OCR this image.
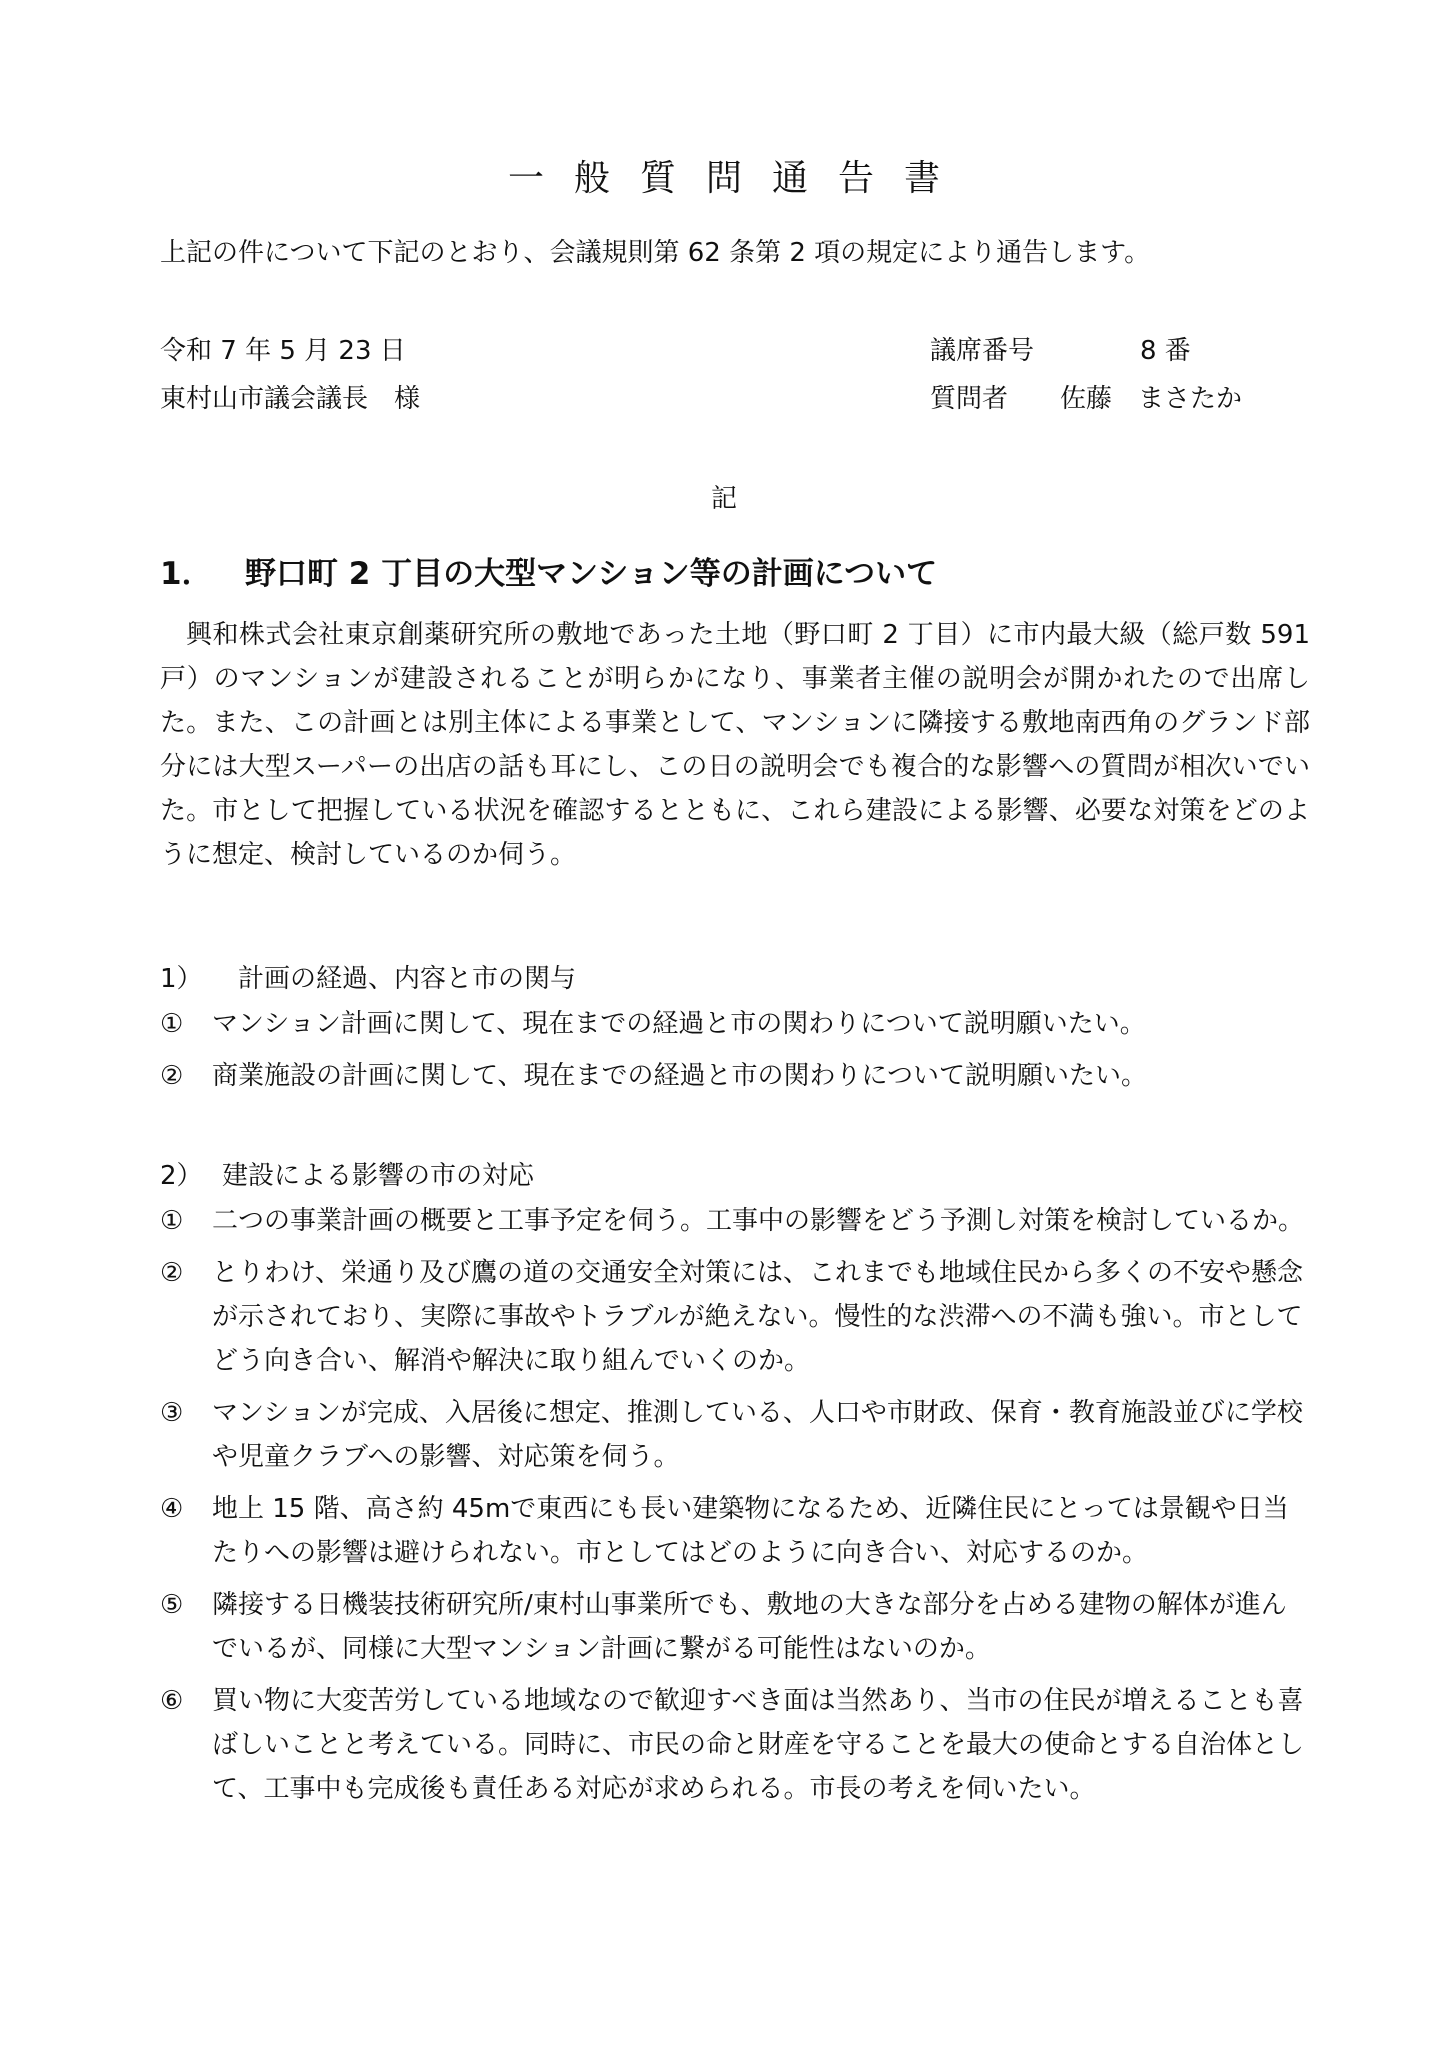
一般質問通告書
上記の件について下記のとおり、会議規則第 62 条第 2 項の規定により通告します。
令和 7 年 5 月 23 日
東村山市議会議長　様
議席番号	8 番
質問者 佐藤　まさたか
記
1． 野口町 2 丁目の大型マンション等の計画について

興和株式会社東京創薬研究所の敷地であった土地（野口町 2 丁目）に市内最大級（総戸数 591 戸）のマンションが建設されることが明らかになり、事業者主催の説明会が開かれたので出席した。また、この計画とは別主体による事業として、マンションに隣接する敷地南西角のグランド部分には大型スーパーの出店の話も耳にし、この日の説明会でも複合的な影響への質問が相次いでいた。市として把握している状況を確認するとともに、これら建設による影響、必要な対策をどのように想定、検討しているのか伺う。

1） 計画の経過、内容と市の関与
①	マンション計画に関して、現在までの経過と市の関わりについて説明願いたい。
②	商業施設の計画に関して、現在までの経過と市の関わりについて説明願いたい。
2） 建設による影響の市の対応
①	二つの事業計画の概要と工事予定を伺う。工事中の影響をどう予測し対策を検討しているか。
②	とりわけ、栄通り及び鷹の道の交通安全対策には、これまでも地域住民から多くの不安や懸念が示されており、実際に事故やトラブルが絶えない。慢性的な渋滞への不満も強い。市としてどう向き合い、解消や解決に取り組んでいくのか。
③	マンションが完成、入居後に想定、推測している、人口や市財政、保育・教育施設並びに学校や児童クラブへの影響、対応策を伺う。
④	地上 15 階、高さ約 45mで東西にも長い建築物になるため、近隣住民にとっては景観や日当たりへの影響は避けられない。市としてはどのように向き合い、対応するのか。
⑤	隣接する日機装技術研究所/東村山事業所でも、敷地の大きな部分を占める建物の解体が進んでいるが、同様に大型マンション計画に繋がる可能性はないのか。
⑥	買い物に大変苦労している地域なので歓迎すべき面は当然あり、当市の住民が増えることも喜ばしいことと考えている。同時に、市民の命と財産を守ることを最大の使命とする自治体として、工事中も完成後も責任ある対応が求められる。市長の考えを伺いたい。
